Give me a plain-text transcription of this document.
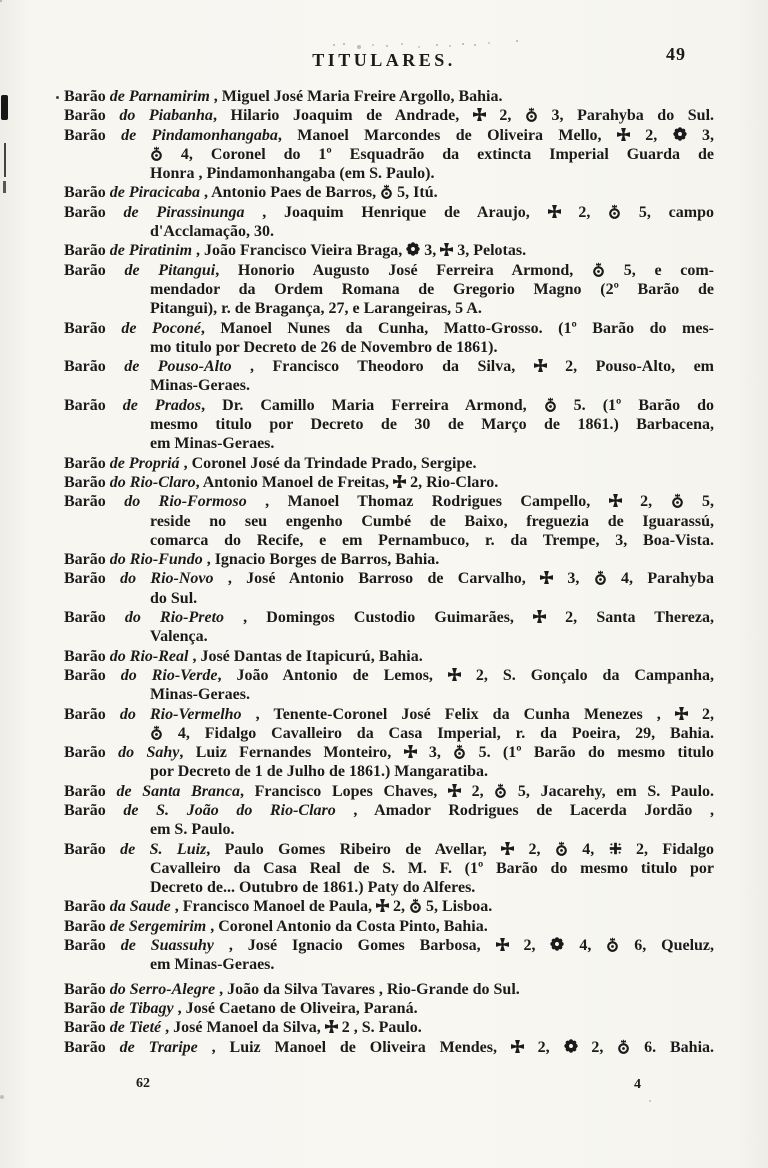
TITULARES.	49
Barão de Parnamirim , Miguel José Maria Freire Argollo, Bahia.
Barão do Piabanha, Hilario Joaquim de Andrade,
2,
3, Parahyba do Sul.
Barão de Pindamonhangaba, Manoel Marcondes de Oliveira Mello,
2,
3,
4, Coronel do 1º Esquadrão da extincta Imperial Guarda de
Honra , Pindamonhangaba (em S. Paulo).
Barão de Piracicaba , Antonio Paes de Barros,
5, Itú.
Barão de Pirassinunga , Joaquim Henrique de Araujo,
2,
5, campo
d'Acclamação, 30.
Barão de Piratinim , João Francisco Vieira Braga,
3,
3, Pelotas.
Barão de Pitangui, Honorio Augusto José Ferreira Armond,
5, e com-
mendador da Ordem Romana de Gregorio Magno (2º Barão de
Pitangui), r. de Bragança, 27, e Larangeiras, 5 A.
Barão de Poconé, Manoel Nunes da Cunha, Matto-Grosso. (1º Barão do mes-
mo titulo por Decreto de 26 de Novembro de 1861).
Barão de Pouso-Alto , Francisco Theodoro da Silva,
2, Pouso-Alto, em
Minas-Geraes.
Barão de Prados, Dr. Camillo Maria Ferreira Armond,
5. (1º Barão do
mesmo titulo por Decreto de 30 de Março de 1861.) Barbacena,
em Minas-Geraes.
Barão de Propriá , Coronel José da Trindade Prado, Sergipe.
Barão do Rio-Claro, Antonio Manoel de Freitas,
2, Rio-Claro.
Barão do Rio-Formoso , Manoel Thomaz Rodrigues Campello,
2,
5,
reside no seu engenho Cumbé de Baixo, freguezia de Iguarassú,
comarca do Recife, e em Pernambuco, r. da Trempe, 3, Boa-Vista.
Barão do Rio-Fundo , Ignacio Borges de Barros, Bahia.
Barão do Rio-Novo , José Antonio Barroso de Carvalho,
3,
4, Parahyba
do Sul.
Barão do Rio-Preto , Domingos Custodio Guimarães,
2, Santa Thereza,
Valença.
Barão do Rio-Real , José Dantas de Itapicurú, Bahia.
Barão do Rio-Verde, João Antonio de Lemos,
2, S. Gonçalo da Campanha,
Minas-Geraes.
Barão do Rio-Vermelho , Tenente-Coronel José Felix da Cunha Menezes ,
2,
4, Fidalgo Cavalleiro da Casa Imperial, r. da Poeira, 29, Bahia.
Barão do Sahy, Luiz Fernandes Monteiro,
3,
5. (1º Barão do mesmo titulo
por Decreto de 1 de Julho de 1861.) Mangaratiba.
Barão de Santa Branca, Francisco Lopes Chaves,
2,
5, Jacarehy, em S. Paulo.
Barão de S. João do Rio-Claro , Amador Rodrigues de Lacerda Jordão ,
em S. Paulo.
Barão de S. Luiz, Paulo Gomes Ribeiro de Avellar,
2,
4,
2, Fidalgo
Cavalleiro da Casa Real de S. M. F. (1º Barão do mesmo titulo por
Decreto de... Outubro de 1861.) Paty do Alferes.
Barão da Saude , Francisco Manoel de Paula,
2,
5, Lisboa.
Barão de Sergemirim , Coronel Antonio da Costa Pinto, Bahia.
Barão de Suassuhy , José Ignacio Gomes Barbosa,
2,
4,
6, Queluz,
em Minas-Geraes.
Barão do Serro-Alegre , João da Silva Tavares , Rio-Grande do Sul.
Barão de Tibagy , José Caetano de Oliveira, Paraná.
Barão de Tieté , José Manoel da Silva,
2 , S. Paulo.
Barão de Traripe , Luiz Manoel de Oliveira Mendes,
2,
2,
6. Bahia.
62	4
